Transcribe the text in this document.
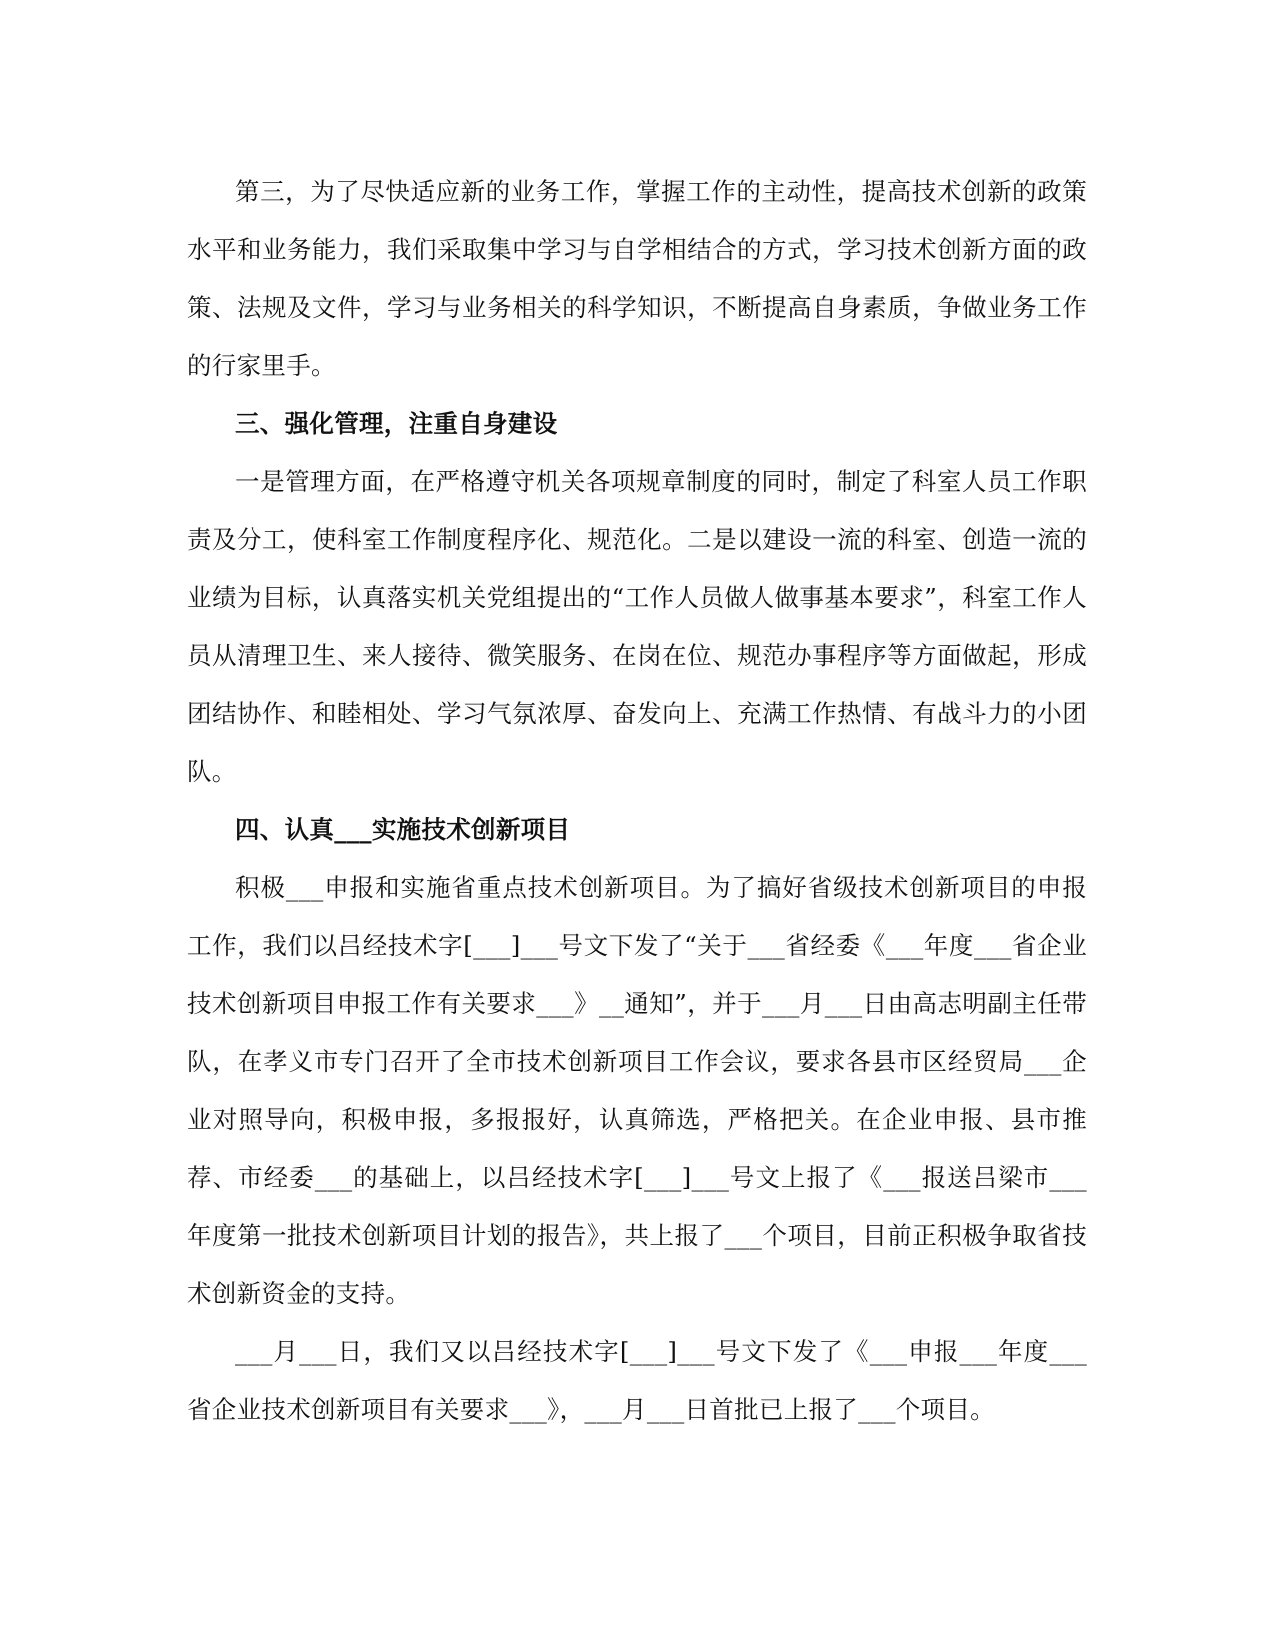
第三，为了尽快适应新的业务工作，掌握工作的主动性，提高技术创新的政策水平和业务能力，我们采取集中学习与自学相结合的方式，学习技术创新方面的政策、法规及文件，学习与业务相关的科学知识，不断提高自身素质，争做业务工作的行家里手。

三、强化管理，注重自身建设

一是管理方面，在严格遵守机关各项规章制度的同时，制定了科室人员工作职责及分工，使科室工作制度程序化、规范化。二是以建设一流的科室、创造一流的业绩为目标，认真落实机关党组提出的“工作人员做人做事基本要求”，科室工作人员从清理卫生、来人接待、微笑服务、在岗在位、规范办事程序等方面做起，形成团结协作、和睦相处、学习气氛浓厚、奋发向上、充满工作热情、有战斗力的小团队。

四、认真___实施技术创新项目

积极___申报和实施省重点技术创新项目。为了搞好省级技术创新项目的申报工作，我们以吕经技术字[___]___号文下发了“关于___省经委《___年度___省企业技术创新项目申报工作有关要求___》__通知”，并于___月___日由高志明副主任带队，在孝义市专门召开了全市技术创新项目工作会议，要求各县市区经贸局___企业对照导向，积极申报，多报报好，认真筛选，严格把关。在企业申报、县市推荐、市经委___的基础上，以吕经技术字[___]___号文上报了《___报送吕梁市___年度第一批技术创新项目计划的报告》，共上报了___个项目，目前正积极争取省技术创新资金的支持。

___月___日，我们又以吕经技术字[___]___号文下发了《___申报___年度___省企业技术创新项目有关要求___》，___月___日首批已上报了___个项目。
